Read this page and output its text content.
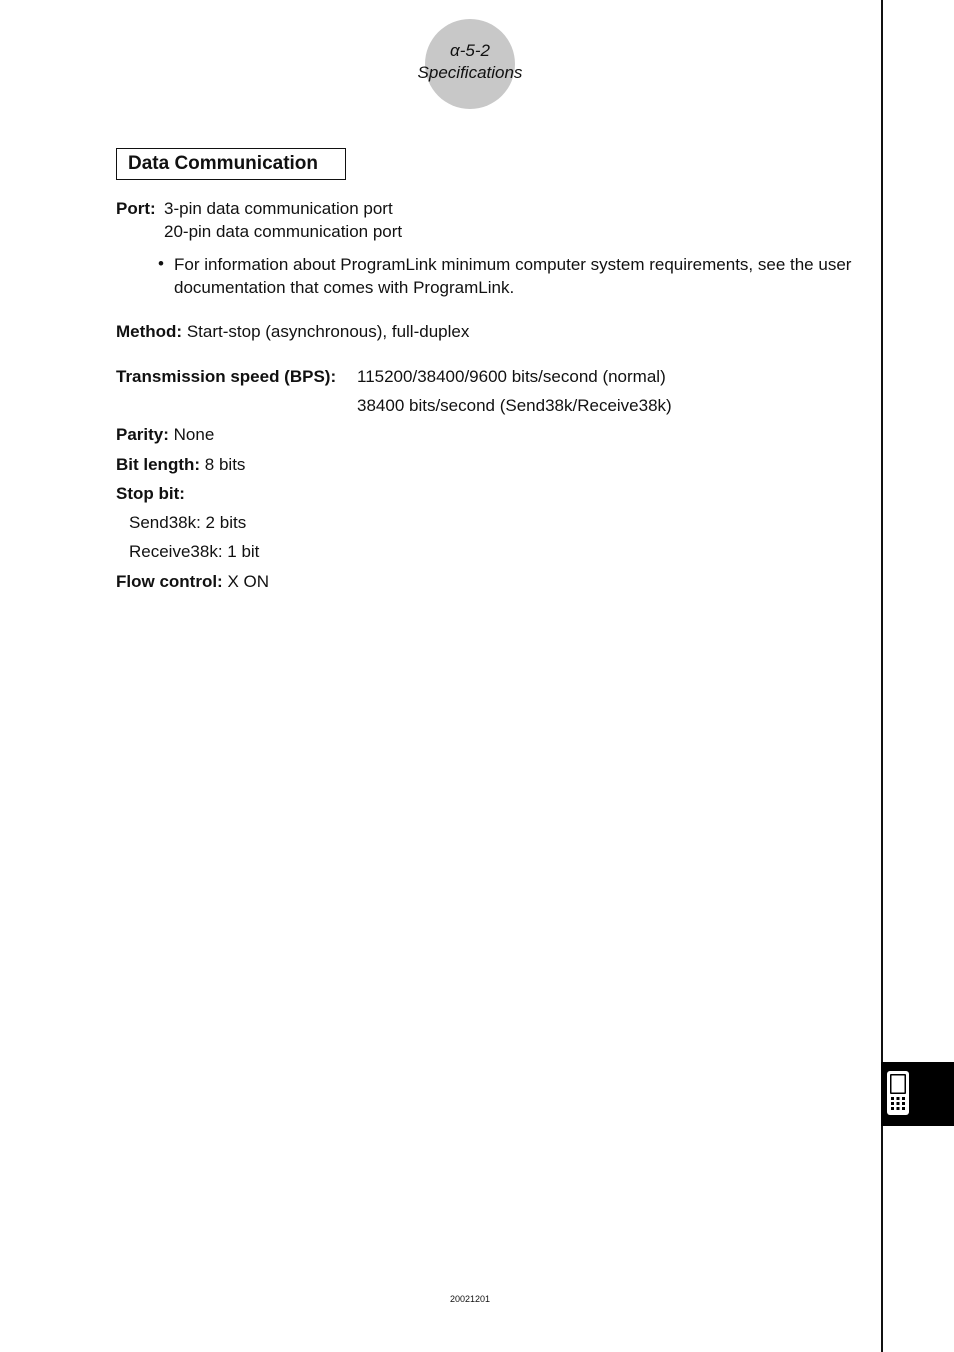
α-5-2
Specifications
Data Communication
Port: 3-pin data communication port
20-pin data communication port
• For information about ProgramLink minimum computer system requirements, see the user documentation that comes with ProgramLink.
Method: Start-stop (asynchronous), full-duplex
Transmission speed (BPS): 115200/38400/9600 bits/second (normal)
38400 bits/second (Send38k/Receive38k)
Parity: None
Bit length: 8 bits
Stop bit:
Send38k: 2 bits
Receive38k: 1 bit
Flow control: X ON
20021201
